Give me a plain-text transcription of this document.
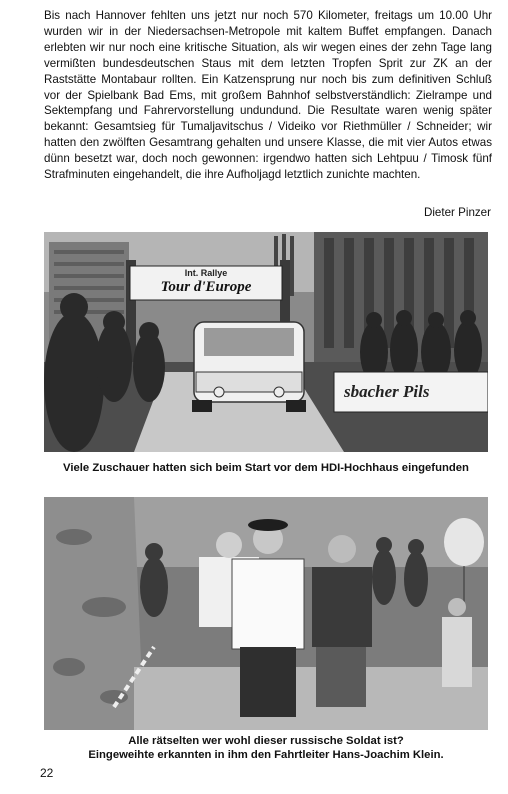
Bis nach Hannover fehlten uns jetzt nur noch 570 Kilometer, freitags um 10.00 Uhr wurden wir in der Niedersachsen-Metropole mit kaltem Buffet empfangen. Danach erlebten wir nur noch eine kritische Situation, als wir wegen eines der zehn Tage lang vermißten bundesdeutschen Staus mit dem letzten Tropfen Sprit zur ZK an der Raststätte Montabaur rollten. Ein Katzensprung nur noch bis zum definitiven Schluß vor der Spielbank Bad Ems, mit großem Bahnhof selbstverständlich: Zielrampe und Sektempfang und Fahrervorstellung undundund. Die Resultate waren wenig später bekannt: Gesamtsieg für Tumaljavitschus / Videiko vor Riethmüller / Schneider; wir hatten den zwölften Gesamtrang gehalten und unsere Klasse, die mit vier Autos etwas dünn besetzt war, doch noch gewonnen: irgendwo hatten sich Lehtpuu / Timosk fünf Strafminuten eingehandelt, die ihre Aufholjagd letztlich zunichte machten.

Dieter Pinzer
Int. Rallye
Tour d'Europe
sbacher Pils
Viele Zuschauer hatten sich beim Start vor dem HDI-Hochhaus eingefunden
Alle rätselten wer wohl dieser russische Soldat ist?
Eingeweihte erkannten in ihm den Fahrtleiter Hans-Joachim Klein.
22
